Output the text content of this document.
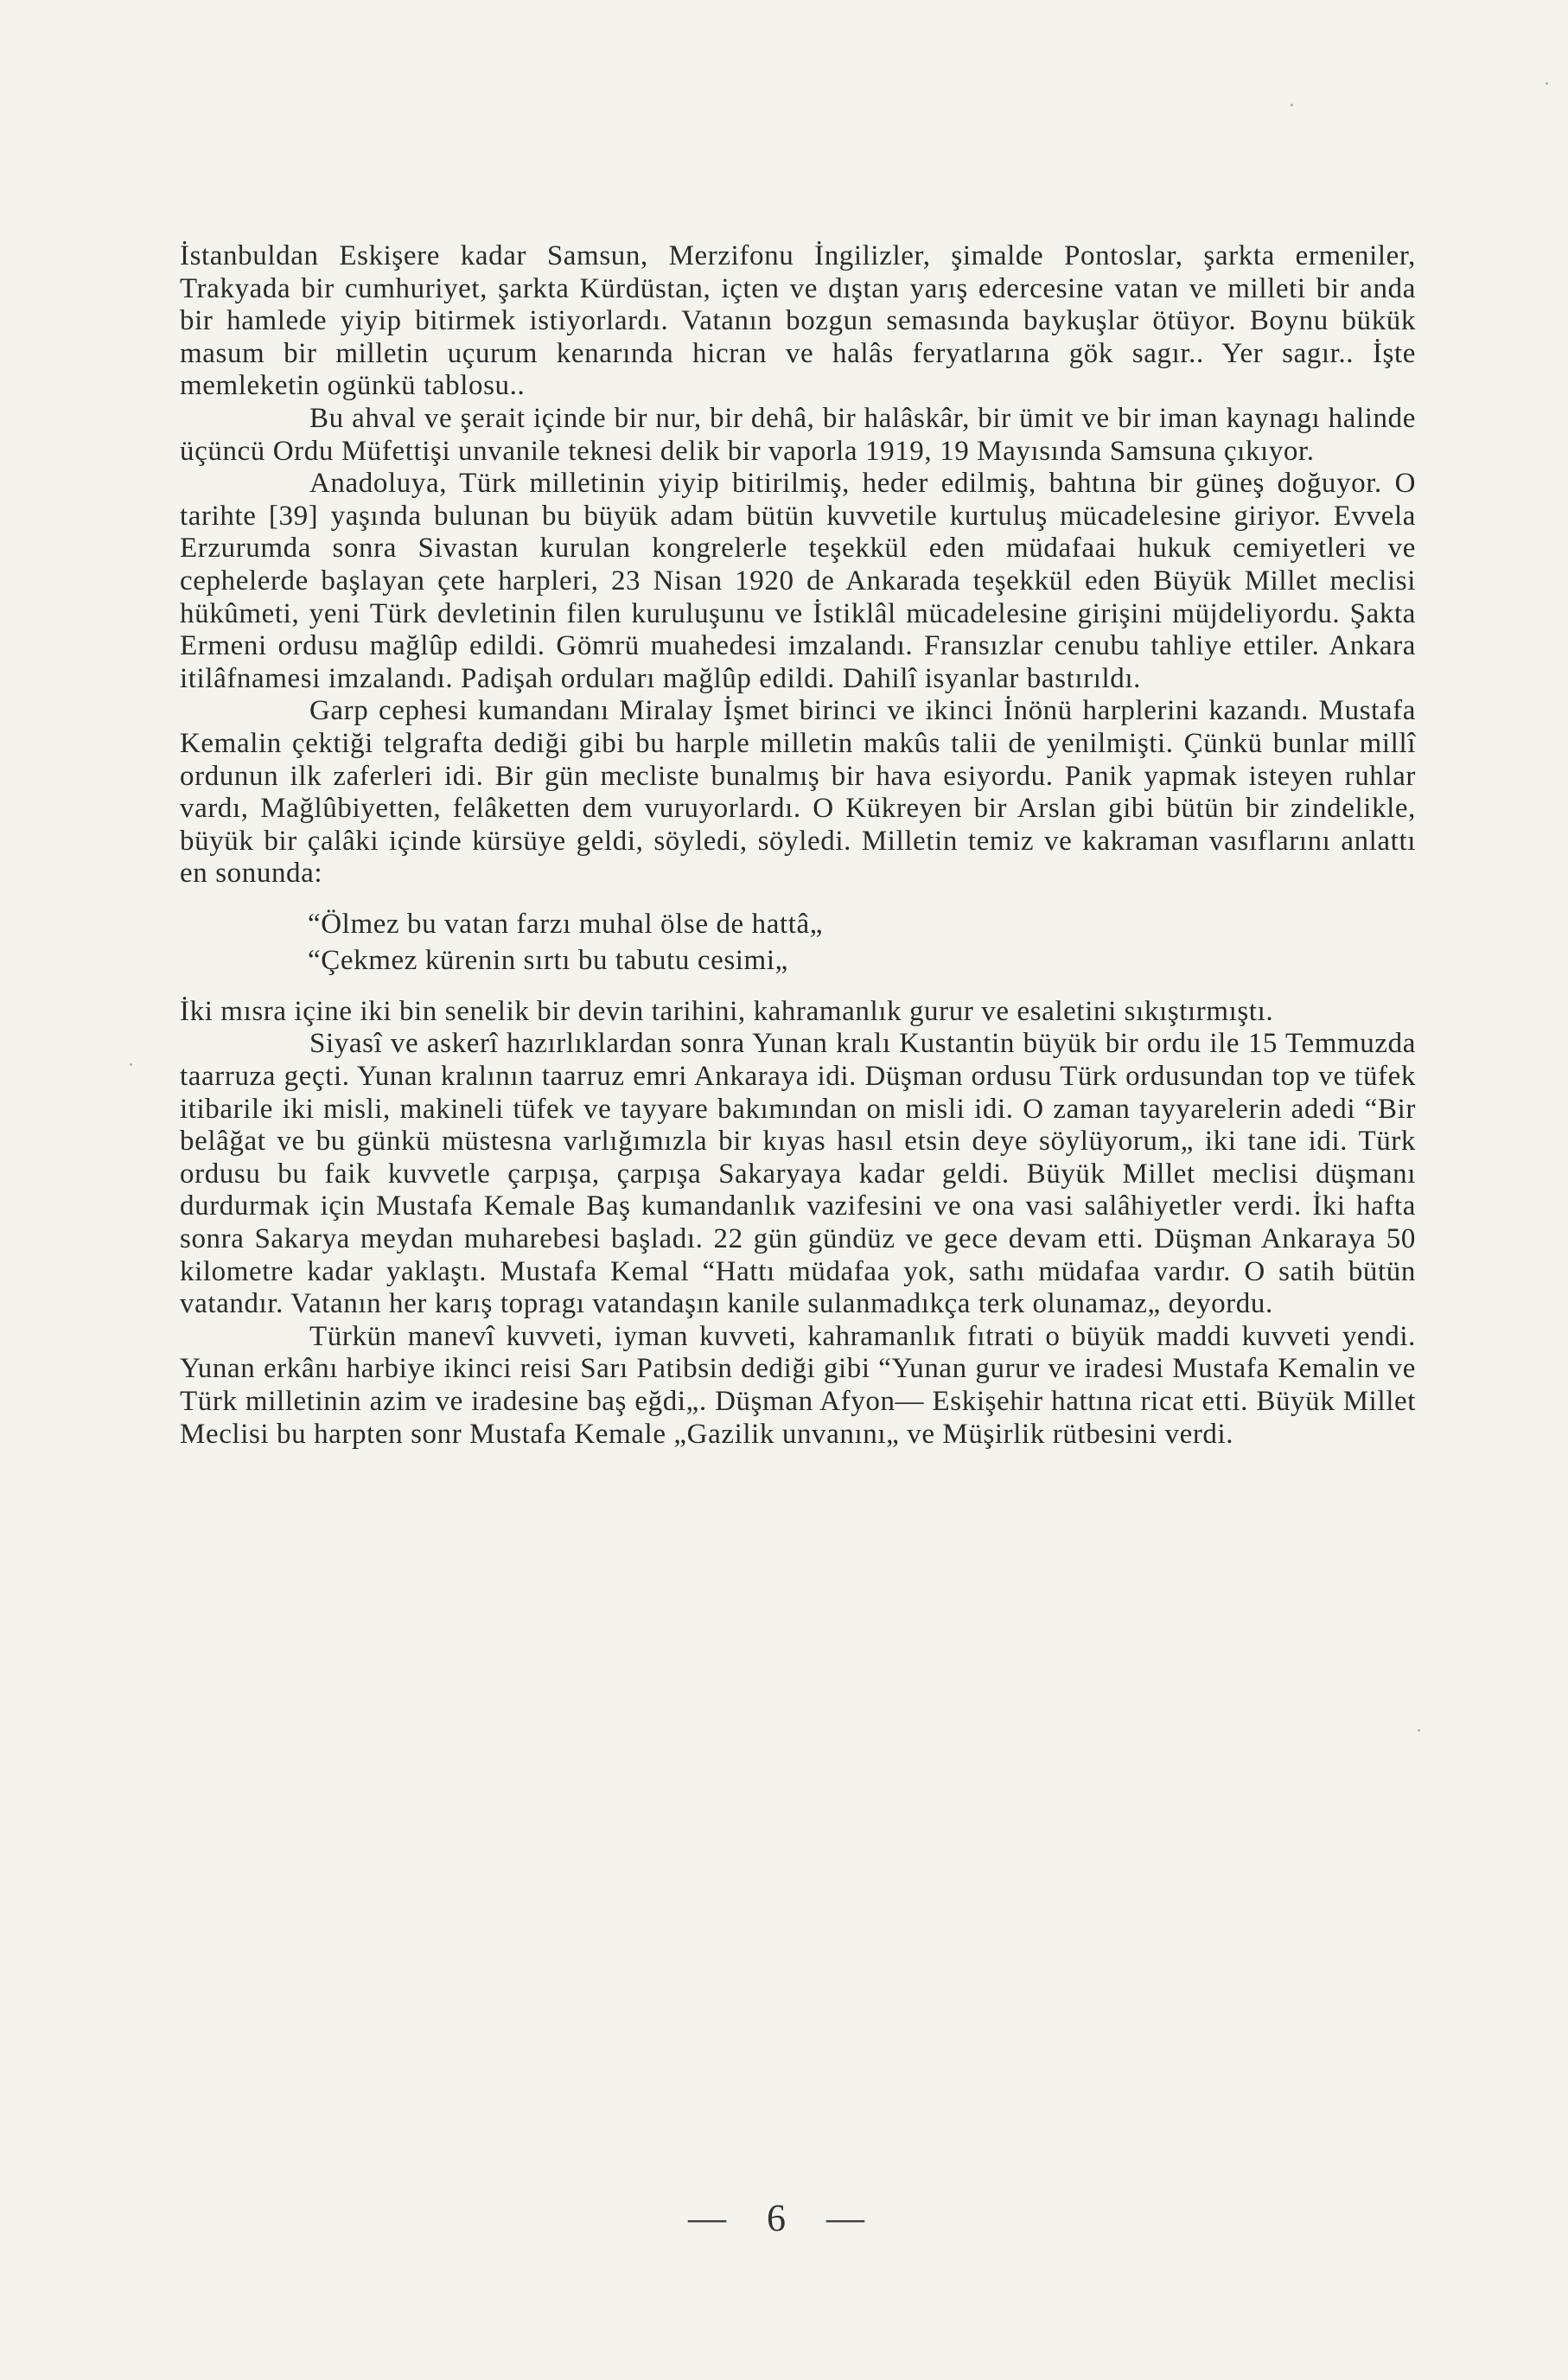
İstanbuldan Eskişere kadar Samsun, Merzifonu İngilizler, şimalde Pontoslar, şarkta ermeniler, Trakyada bir cumhuriyet, şarkta Kürdüstan, içten ve dıştan yarış edercesine vatan ve milleti bir anda bir hamlede yiyip bitirmek istiyorlardı. Vatanın bozgun semasında baykuşlar ötüyor. Boynu bükük masum bir milletin uçurum kenarında hicran ve halâs feryatlarına gök sagır.. Yer sagır.. İşte memleketin ogünkü tablosu..

Bu ahval ve şerait içinde bir nur, bir dehâ, bir halâskâr, bir ümit ve bir iman kaynagı halinde üçüncü Ordu Müfettişi unvanile teknesi delik bir vaporla 1919, 19 Mayısında Samsuna çıkıyor.

Anadoluya, Türk milletinin yiyip bitirilmiş, heder edilmiş, bahtına bir güneş doğuyor. O tarihte [39] yaşında bulunan bu büyük adam bütün kuvvetile kurtuluş mücadelesine giriyor. Evvela Erzurumda sonra Sivastan kurulan kongrelerle teşekkül eden müdafaai hukuk cemiyetleri ve cephelerde başlayan çete harpleri, 23 Nisan 1920 de Ankarada teşekkül eden Büyük Millet meclisi hükûmeti, yeni Türk devletinin filen kuruluşunu ve İstiklâl mücadelesine girişini müjdeliyordu. Şakta Ermeni ordusu mağlûp edildi. Gömrü muahedesi imzalandı. Fransızlar cenubu tahliye ettiler. Ankara itilâfnamesi imzalandı. Padişah orduları mağlûp edildi. Dahilî isyanlar bastırıldı.

Garp cephesi kumandanı Miralay İşmet birinci ve ikinci İnönü harplerini kazandı. Mustafa Kemalin çektiği telgrafta dediği gibi bu harple milletin makûs talii de yenilmişti. Çünkü bunlar millî ordunun ilk zaferleri idi. Bir gün mecliste bunalmış bir hava esiyordu. Panik yapmak isteyen ruhlar vardı, Mağlûbiyetten, felâketten dem vuruyorlardı. O Kükreyen bir Arslan gibi bütün bir zindelikle, büyük bir çalâki içinde kürsüye geldi, söyledi, söyledi. Milletin temiz ve kakraman vasıflarını anlattı en sonunda:

“Ölmez bu vatan farzı muhal ölse de hattâ„

“Çekmez kürenin sırtı bu tabutu cesimi„

İki mısra içine iki bin senelik bir devin tarihini, kahramanlık gurur ve esaletini sıkıştırmıştı.

Siyasî ve askerî hazırlıklardan sonra Yunan kralı Kustantin büyük bir ordu ile 15 Temmuzda taarruza geçti. Yunan kralının taarruz emri Ankaraya idi. Düşman ordusu Türk ordusundan top ve tüfek itibarile iki misli, makineli tüfek ve tayyare bakımından on misli idi. O zaman tayyarelerin adedi “Bir belâğat ve bu günkü müstesna varlığımızla bir kıyas hasıl etsin deye söylüyorum„ iki tane idi. Türk ordusu bu faik kuvvetle çarpışa, çarpışa Sakaryaya kadar geldi. Büyük Millet meclisi düşmanı durdurmak için Mustafa Kemale Baş kumandanlık vazifesini ve ona vasi salâhiyetler verdi. İki hafta sonra Sakarya meydan muharebesi başladı. 22 gün gündüz ve gece devam etti. Düşman Ankaraya 50 kilometre kadar yaklaştı. Mustafa Kemal “Hattı müdafaa yok, sathı müdafaa vardır. O satih bütün vatandır. Vatanın her karış topragı vatandaşın kanile sulanmadıkça terk olunamaz„ deyordu.

Türkün manevî kuvveti, iyman kuvveti, kahramanlık fıtrati o büyük maddi kuvveti yendi. Yunan erkânı harbiye ikinci reisi Sarı Patibsin dediği gibi “Yunan gurur ve iradesi Mustafa Kemalin ve Türk milletinin azim ve iradesine baş eğdi„. Düşman Afyon— Eskişehir hattına ricat etti. Büyük Millet Meclisi bu harpten sonr Mustafa Kemale „Gazilik unvanını„ ve Müşirlik rütbesini verdi.

— 6 —
